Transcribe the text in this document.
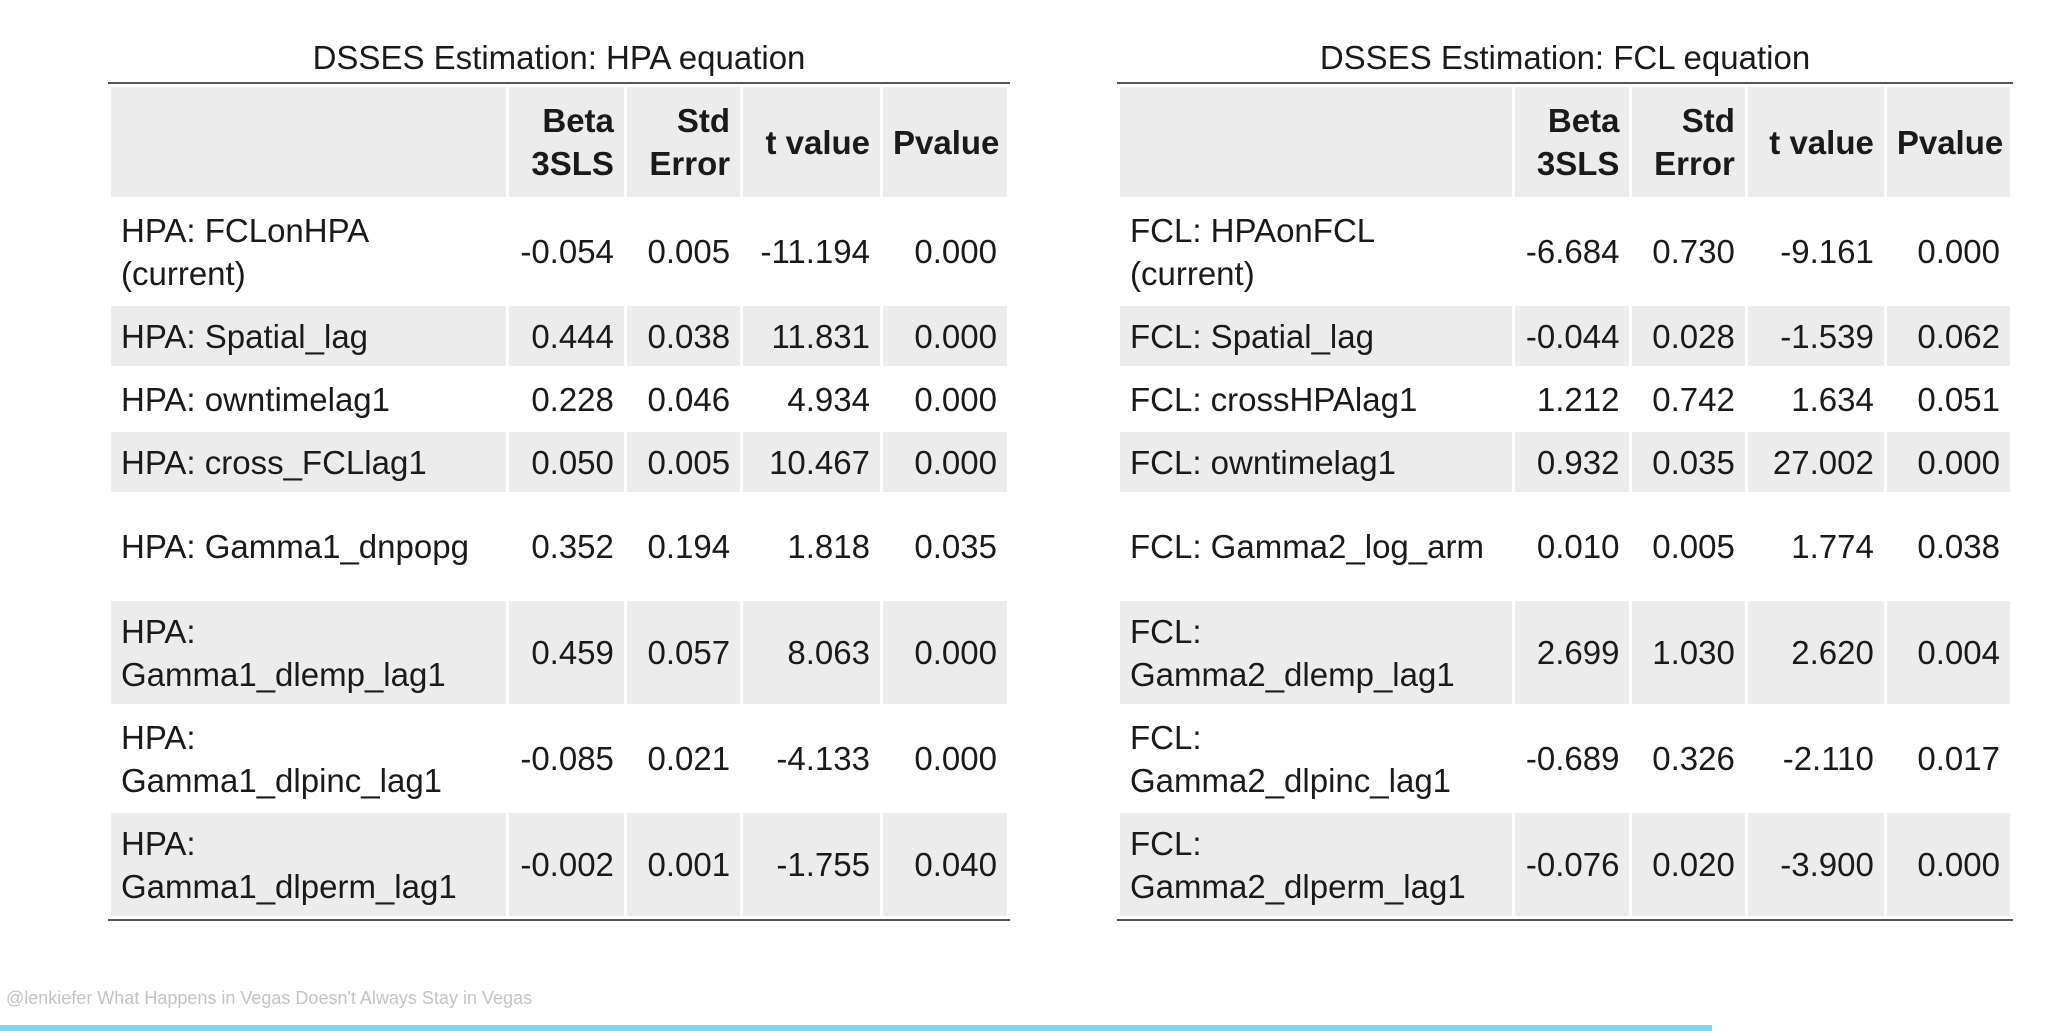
DSSES Estimation: HPA equation
	Beta 3SLS	Std Error	t value	Pvalue
HPA: FCLonHPA (current)	-0.054	0.005	-11.194	0.000
HPA: Spatial_lag	0.444	0.038	11.831	0.000
HPA: owntimelag1	0.228	0.046	4.934	0.000
HPA: cross_FCLlag1	0.050	0.005	10.467	0.000
HPA: Gamma1_dnpopg	0.352	0.194	1.818	0.035
HPA: Gamma1_dlemp_lag1	0.459	0.057	8.063	0.000
HPA: Gamma1_dlpinc_lag1	-0.085	0.021	-4.133	0.000
HPA: Gamma1_dlperm_lag1	-0.002	0.001	-1.755	0.040
DSSES Estimation: FCL equation
	Beta 3SLS	Std Error	t value	Pvalue
FCL: HPAonFCL (current)	-6.684	0.730	-9.161	0.000
FCL: Spatial_lag	-0.044	0.028	-1.539	0.062
FCL: crossHPAlag1	1.212	0.742	1.634	0.051
FCL: owntimelag1	0.932	0.035	27.002	0.000
FCL: Gamma2_log_arm	0.010	0.005	1.774	0.038
FCL: Gamma2_dlemp_lag1	2.699	1.030	2.620	0.004
FCL: Gamma2_dlpinc_lag1	-0.689	0.326	-2.110	0.017
FCL: Gamma2_dlperm_lag1	-0.076	0.020	-3.900	0.000
@lenkiefer What Happens in Vegas Doesn't Always Stay in Vegas
